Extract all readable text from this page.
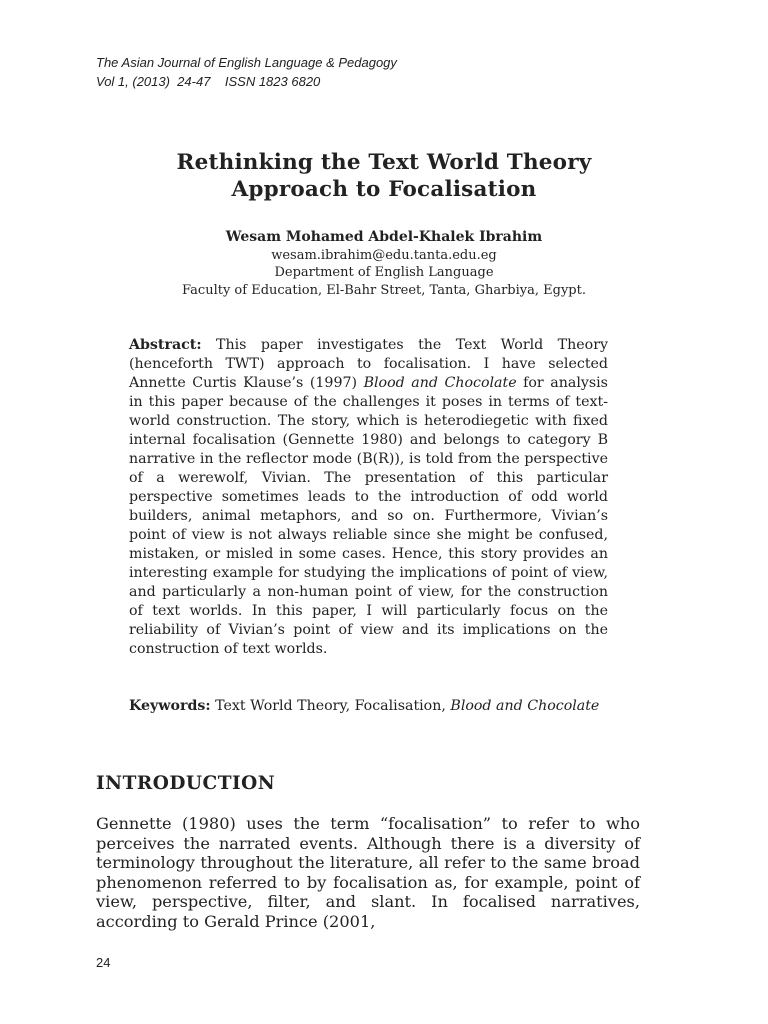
The Asian Journal of English Language & Pedagogy
Vol 1, (2013)  24-47    ISSN 1823 6820
Rethinking the Text World Theory
Approach to Focalisation
Wesam Mohamed Abdel-Khalek Ibrahim
wesam.ibrahim@edu.tanta.edu.eg
Department of English Language
Faculty of Education, El-Bahr Street, Tanta, Gharbiya, Egypt.
Abstract: This paper investigates the Text World Theory (henceforth TWT) approach to focalisation. I have selected Annette Curtis Klause’s (1997) Blood and Chocolate for analysis in this paper because of the challenges it poses in terms of text-world construction. The story, which is heterodiegetic with fixed internal focalisation (Gennette 1980) and belongs to category B narrative in the reflector mode (B(R)), is told from the perspective of a werewolf, Vivian. The presentation of this particular perspective sometimes leads to the introduction of odd world builders, animal metaphors, and so on. Furthermore, Vivian’s point of view is not always reliable since she might be confused, mistaken, or misled in some cases. Hence, this story provides an interesting example for studying the implications of point of view, and particularly a non-human point of view, for the construction of text worlds. In this paper, I will particularly focus on the reliability of Vivian’s point of view and its implications on the construction of text worlds.
Keywords: Text World Theory, Focalisation, Blood and Chocolate
INTRODUCTION
Gennette (1980) uses the term “focalisation” to refer to who perceives the narrated events. Although there is a diversity of terminology throughout the literature, all refer to the same broad phenomenon referred to by focalisation as, for example, point of view, perspective, filter, and slant. In focalised narratives, according to Gerald Prince (2001,
24
